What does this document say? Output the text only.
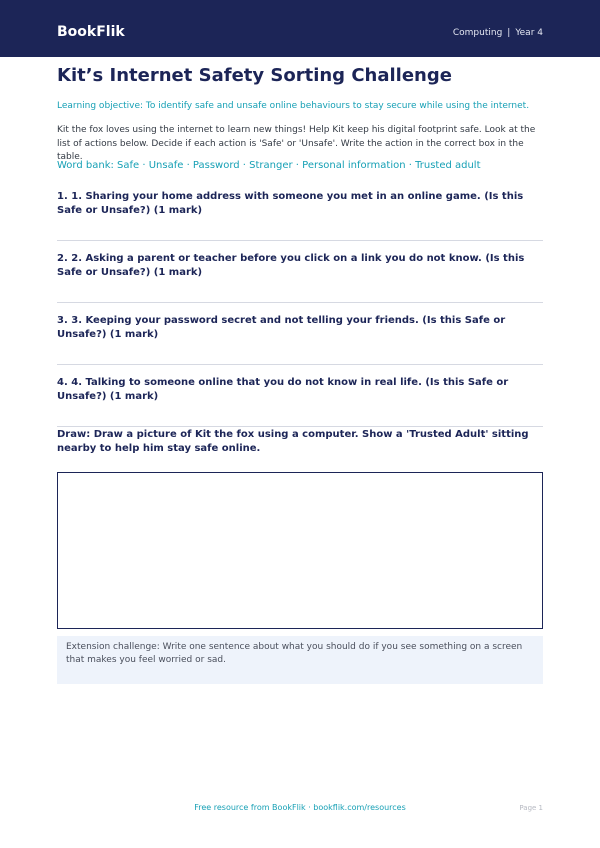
BookFlik	Computing | Year 4
Kit’s Internet Safety Sorting Challenge
Learning objective: To identify safe and unsafe online behaviours to stay secure while using the internet.

Kit the fox loves using the internet to learn new things! Help Kit keep his digital footprint safe. Look at the list of actions below. Decide if each action is 'Safe' or 'Unsafe'. Write the action in the correct box in the table.

Word bank: Safe · Unsafe · Password · Stranger · Personal information · Trusted adult

1. 1. Sharing your home address with someone you met in an online game. (Is this Safe or Unsafe?) (1 mark)

2. 2. Asking a parent or teacher before you click on a link you do not know. (Is this Safe or Unsafe?) (1 mark)

3. 3. Keeping your password secret and not telling your friends. (Is this Safe or Unsafe?) (1 mark)

4. 4. Talking to someone online that you do not know in real life. (Is this Safe or Unsafe?) (1 mark)

Draw: Draw a picture of Kit the fox using a computer. Show a 'Trusted Adult' sitting nearby to help him stay safe online.

Extension challenge: Write one sentence about what you should do if you see something on a screen that makes you feel worried or sad.
Free resource from BookFlik · bookflik.com/resources	Page 1
